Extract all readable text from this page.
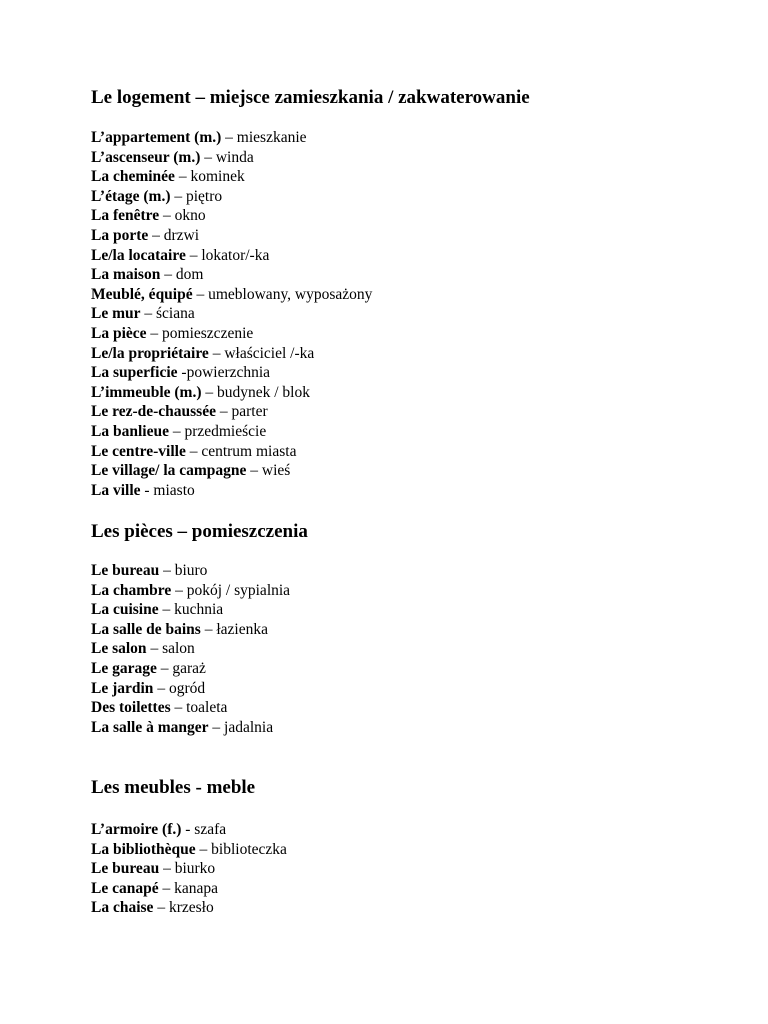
Le logement – miejsce zamieszkania / zakwaterowanie
L’appartement (m.) – mieszkanie
L’ascenseur (m.) – winda
La cheminée – kominek
L’étage (m.) – piętro
La fenêtre – okno
La porte – drzwi
Le/la locataire – lokator/-ka
La maison – dom
Meublé, équipé – umeblowany, wyposażony
Le mur – ściana
La pièce – pomieszczenie
Le/la propriétaire – właściciel /-ka
La superficie -powierzchnia
L’immeuble (m.) – budynek / blok
Le rez-de-chaussée – parter
La banlieue – przedmieście
Le centre-ville – centrum miasta
Le village/ la campagne – wieś
La ville - miasto
Les pièces – pomieszczenia
Le bureau – biuro
La chambre – pokój / sypialnia
La cuisine – kuchnia
La salle de bains – łazienka
Le salon – salon
Le garage – garaż
Le jardin – ogród
Des toilettes – toaleta
La salle à manger – jadalnia
Les meubles - meble
L’armoire (f.) - szafa
La bibliothèque – biblioteczka
Le bureau – biurko
Le canapé – kanapa
La chaise – krzesło
